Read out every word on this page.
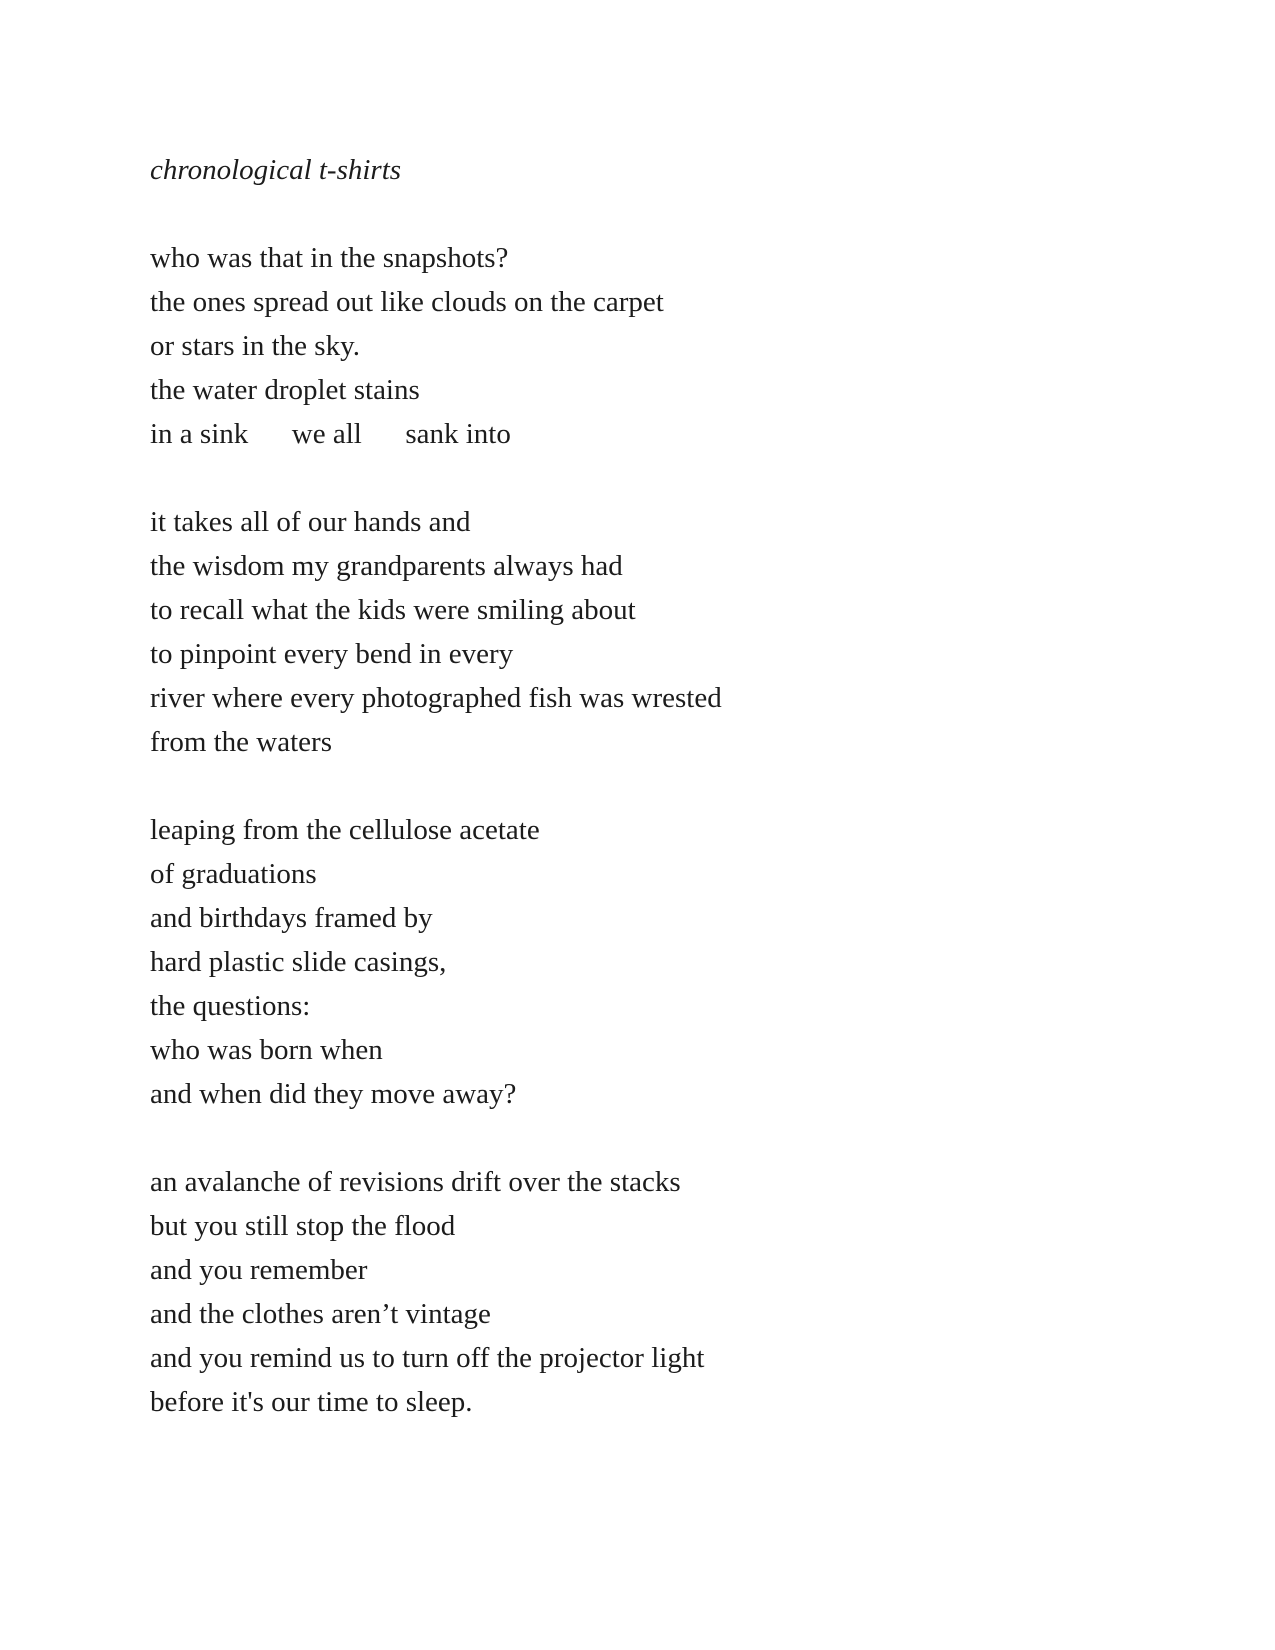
chronological t-shirts
who was that in the snapshots?
the ones spread out like clouds on the carpet
or stars in the sky.
the water droplet stains
in a sink      we all      sank into
it takes all of our hands and
the wisdom my grandparents always had
to recall what the kids were smiling about
to pinpoint every bend in every
river where every photographed fish was wrested
from the waters
leaping from the cellulose acetate
of graduations
and birthdays framed by
hard plastic slide casings,
the questions:
who was born when
and when did they move away?
an avalanche of revisions drift over the stacks
but you still stop the flood
and you remember
and the clothes aren’t vintage
and you remind us to turn off the projector light
before it's our time to sleep.
